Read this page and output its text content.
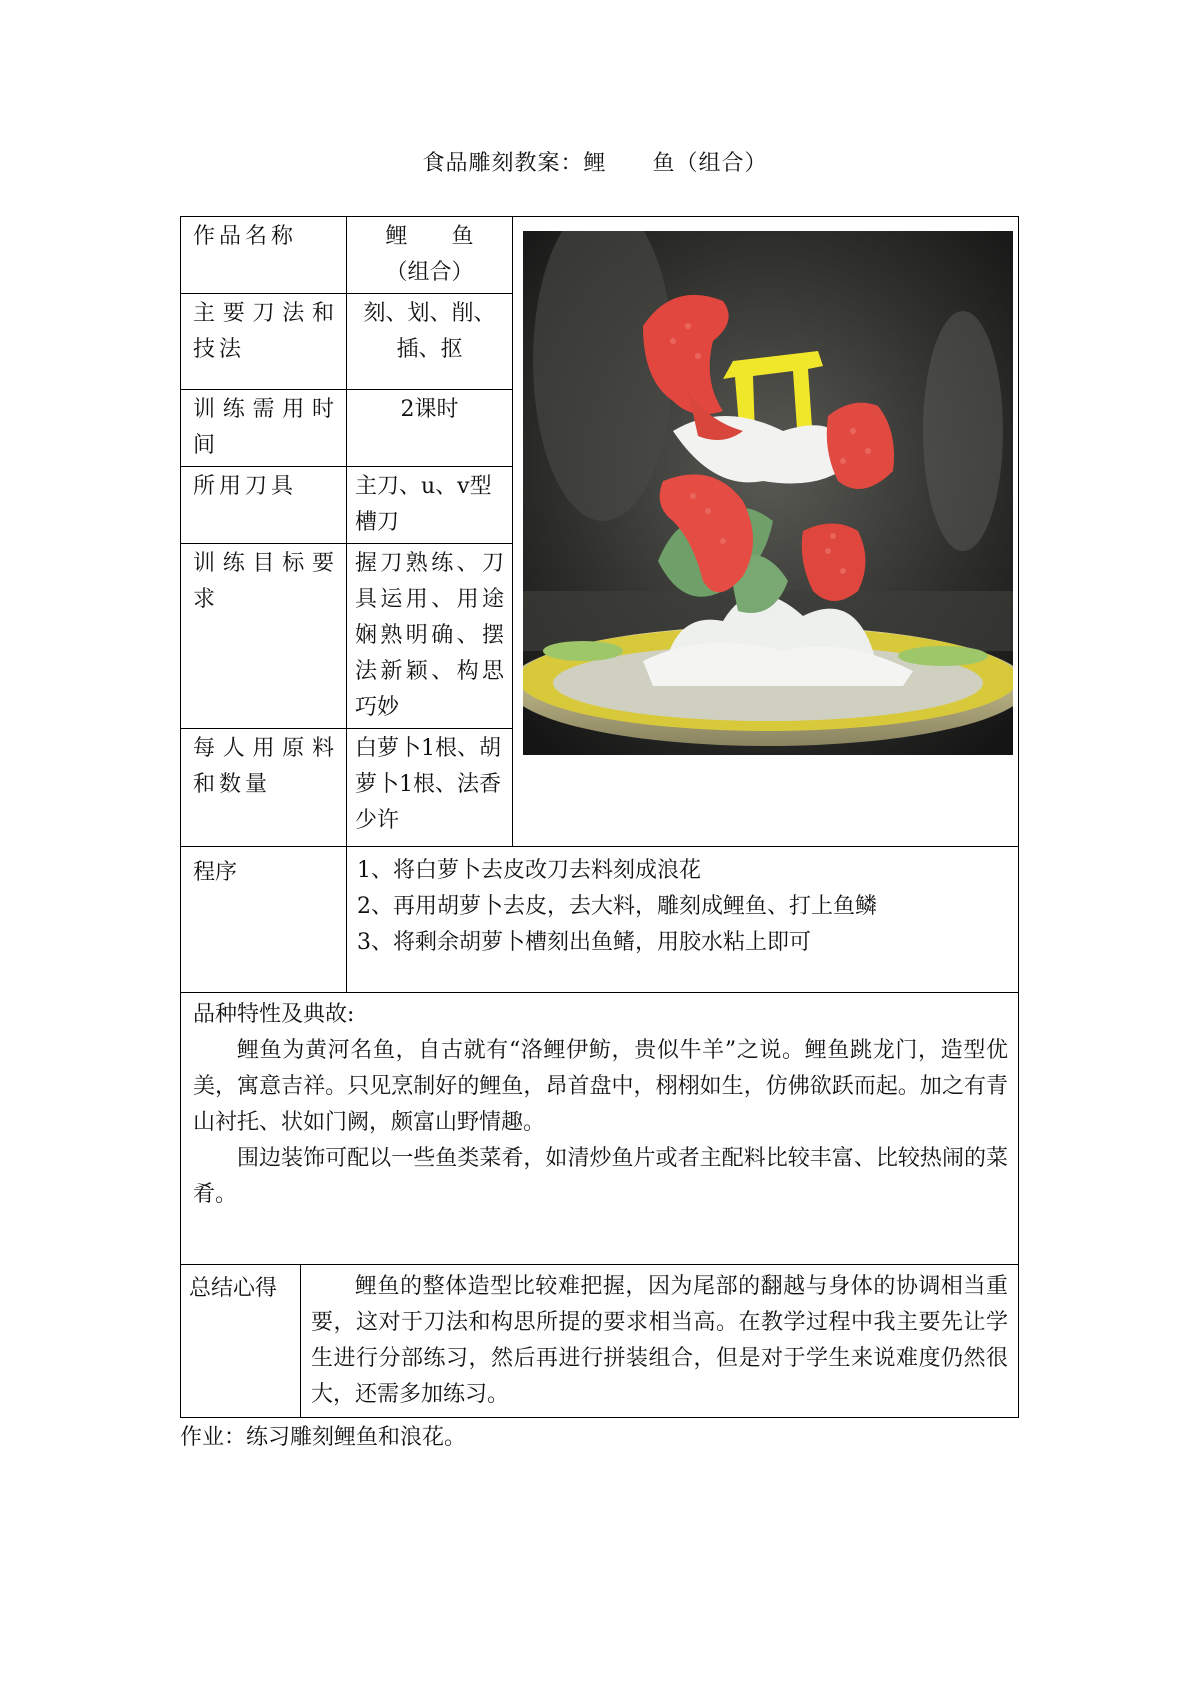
食品雕刻教案：鲤　　鱼（组合）
作品名称		鲤　　鱼
（组合）

主要刀法和技法		刻、划、削、插、抠	
训练需用时间		2课时	
所用刀具		主刀、u、v型槽刀	
训练目标要求		握刀熟练、刀具运用、用途娴熟明确、摆法新颖、构思巧妙	
每人用原料和数量		白萝卜1根、胡萝卜1根、法香少许	
程序		1、将白萝卜去皮改刀去料刻成浪花
2、再用胡萝卜去皮，去大料，雕刻成鲤鱼、打上鱼鳞
3、将剩余胡萝卜槽刻出鱼鳍，用胶水粘上即可	

品种特性及典故:

鲤鱼为黄河名鱼，自古就有“洛鲤伊鲂，贵似牛羊”之说。鲤鱼跳龙门，造型优美，寓意吉祥。只见烹制好的鲤鱼，昂首盘中，栩栩如生，仿佛欲跃而起。加之有青山衬托、状如门阙，颇富山野情趣。

围边装饰可配以一些鱼类菜肴，如清炒鱼片或者主配料比较丰富、比较热闹的菜肴。			

总结心得	鲤鱼的整体造型比较难把握，因为尾部的翻越与身体的协调相当重要，这对于刀法和构思所提的要求相当高。在教学过程中我主要先让学生进行分部练习，然后再进行拼装组合，但是对于学生来说难度仍然很大，还需多加练习。		

作业：练习雕刻鲤鱼和浪花。
